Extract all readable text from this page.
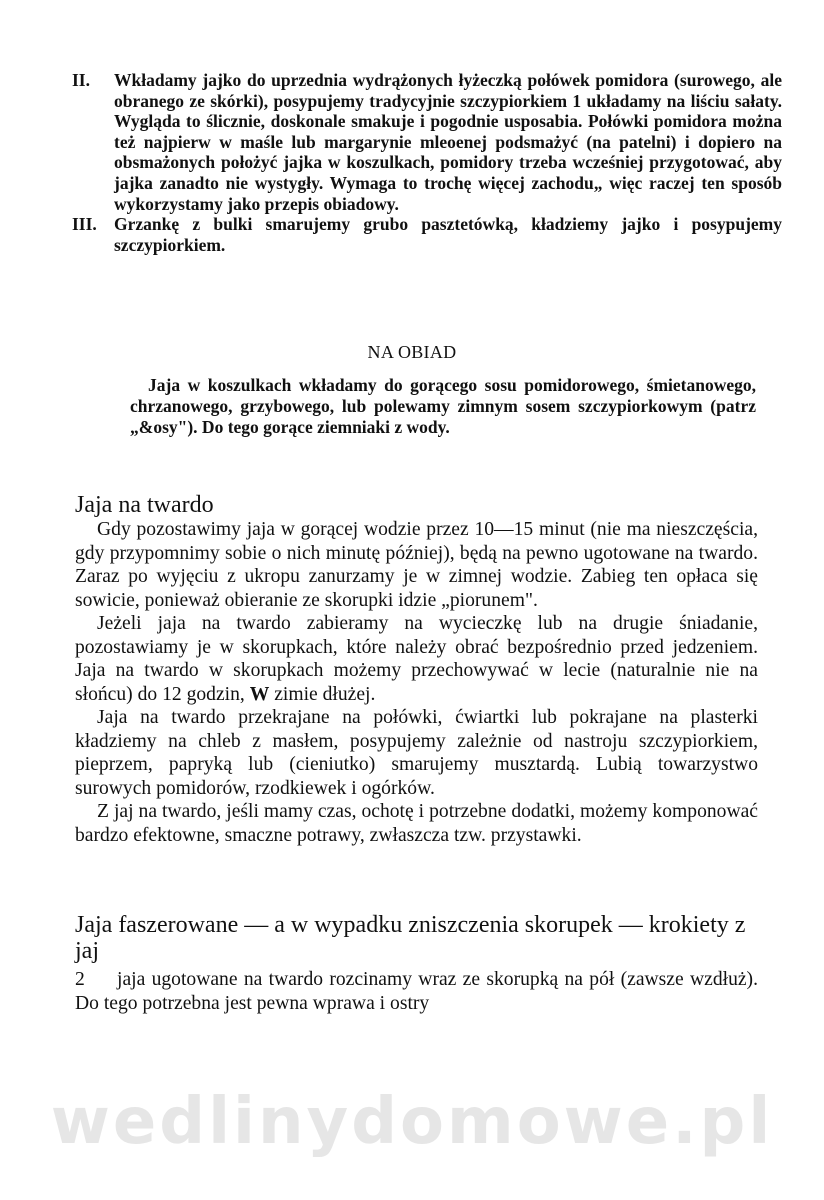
II. Wkładamy jajko do uprzednia wydrążonych łyżeczką połówek pomidora (surowego, ale obranego ze skórki), posypujemy tradycyjnie szczypiorkiem 1 układamy na liściu sałaty. Wygląda to ślicznie, doskonale smakuje i pogodnie usposabia. Połówki pomidora można też najpierw w maśle lub margarynie mleoenej podsmażyć (na patelni) i dopiero na obsmażonych położyć jajka w koszulkach, pomidory trzeba wcześniej przygotować, aby jajka zanadto nie wystygły. Wymaga to trochę więcej zachodu„ więc raczej ten sposób wykorzystamy jako przepis obiadowy.
III. Grzankę z bulki smarujemy grubo pasztetówką, kładziemy jajko i posypujemy szczypiorkiem.
NA OBIAD
Jaja w koszulkach wkładamy do gorącego sosu pomidorowego, śmietanowego, chrzanowego, grzybowego, lub polewamy zimnym sosem szczypiorkowym (patrz „&osy"). Do tego gorące ziemniaki z wody.
Jaja na twardo
Gdy pozostawimy jaja w gorącej wodzie przez 10—15 minut (nie ma nieszczęścia, gdy przypomnimy sobie o nich minutę później), będą na pewno ugotowane na twardo. Zaraz po wyjęciu z ukropu zanurzamy je w zimnej wodzie. Zabieg ten opłaca się sowicie, ponieważ obieranie ze skorupki idzie „piorunem".
Jeżeli jaja na twardo zabieramy na wycieczkę lub na drugie śniadanie, pozostawiamy je w skorupkach, które należy obrać bezpośrednio przed jedzeniem. Jaja na twardo w skorupkach możemy przechowywać w lecie (naturalnie nie na słońcu) do 12 godzin, W zimie dłużej.
Jaja na twardo przekrajane na połówki, ćwiartki lub pokrajane na plasterki kładziemy na chleb z masłem, posypujemy zależnie od nastroju szczypiorkiem, pieprzem, papryką lub (cieniutko) smarujemy musztardą. Lubią towarzystwo surowych pomidorów, rzodkiewek i ogórków.
Z jaj na twardo, jeśli mamy czas, ochotę i potrzebne dodatki, możemy komponować bardzo efektowne, smaczne potrawy, zwłaszcza tzw. przystawki.
Jaja faszerowane — a w wypadku zniszczenia skorupek — krokiety z jaj
2 jaja ugotowane na twardo rozcinamy wraz ze skorupką na pół (zawsze wzdłuż). Do tego potrzebna jest pewna wprawa i ostry
wedlinydomowe.pl
